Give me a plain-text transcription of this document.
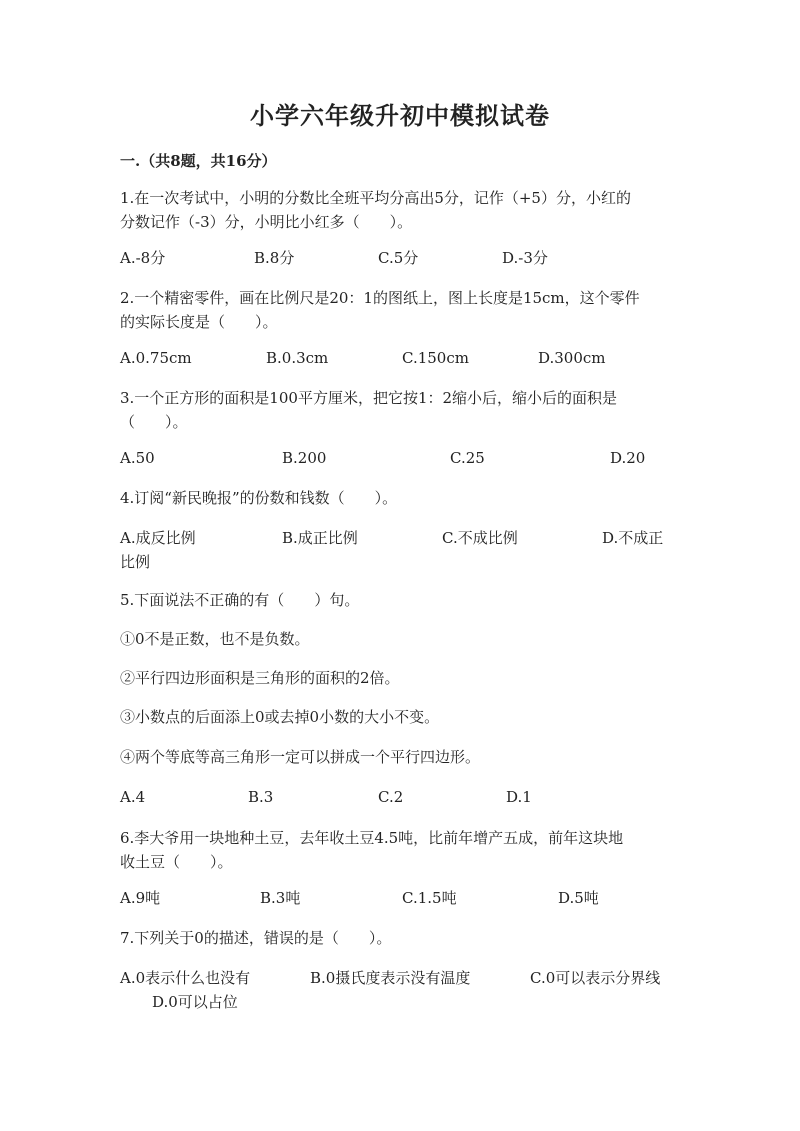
小学六年级升初中模拟试卷
一.（共8题，共16分）
1.在一次考试中，小明的分数比全班平均分高出5分，记作（+5）分，小红的
分数记作（-3）分，小明比小红多（　　）。
A.-8分	B.8分	C.5分	D.-3分
2.一个精密零件，画在比例尺是20：1的图纸上，图上长度是15cm，这个零件
的实际长度是（　　）。
A.0.75cm	B.0.3cm	C.150cm	D.300cm
3.一个正方形的面积是100平方厘米，把它按1：2缩小后，缩小后的面积是
（　　）。
A.50	B.200	C.25	D.20
4.订阅“新民晚报”的份数和钱数（　　）。
A.成反比例	B.成正比例	C.不成比例	D.不成正
比例
5.下面说法不正确的有（　　）句。
①0不是正数，也不是负数。
②平行四边形面积是三角形的面积的2倍。
③小数点的后面添上0或去掉0小数的大小不变。
④两个等底等高三角形一定可以拼成一个平行四边形。
A.4	B.3	C.2	D.1
6.李大爷用一块地种土豆，去年收土豆4.5吨，比前年增产五成，前年这块地
收土豆（　　）。
A.9吨	B.3吨	C.1.5吨	D.5吨
7.下列关于0的描述，错误的是（　　）。
A.0表示什么也没有	B.0摄氏度表示没有温度	C.0可以表示分界线
D.0可以占位
